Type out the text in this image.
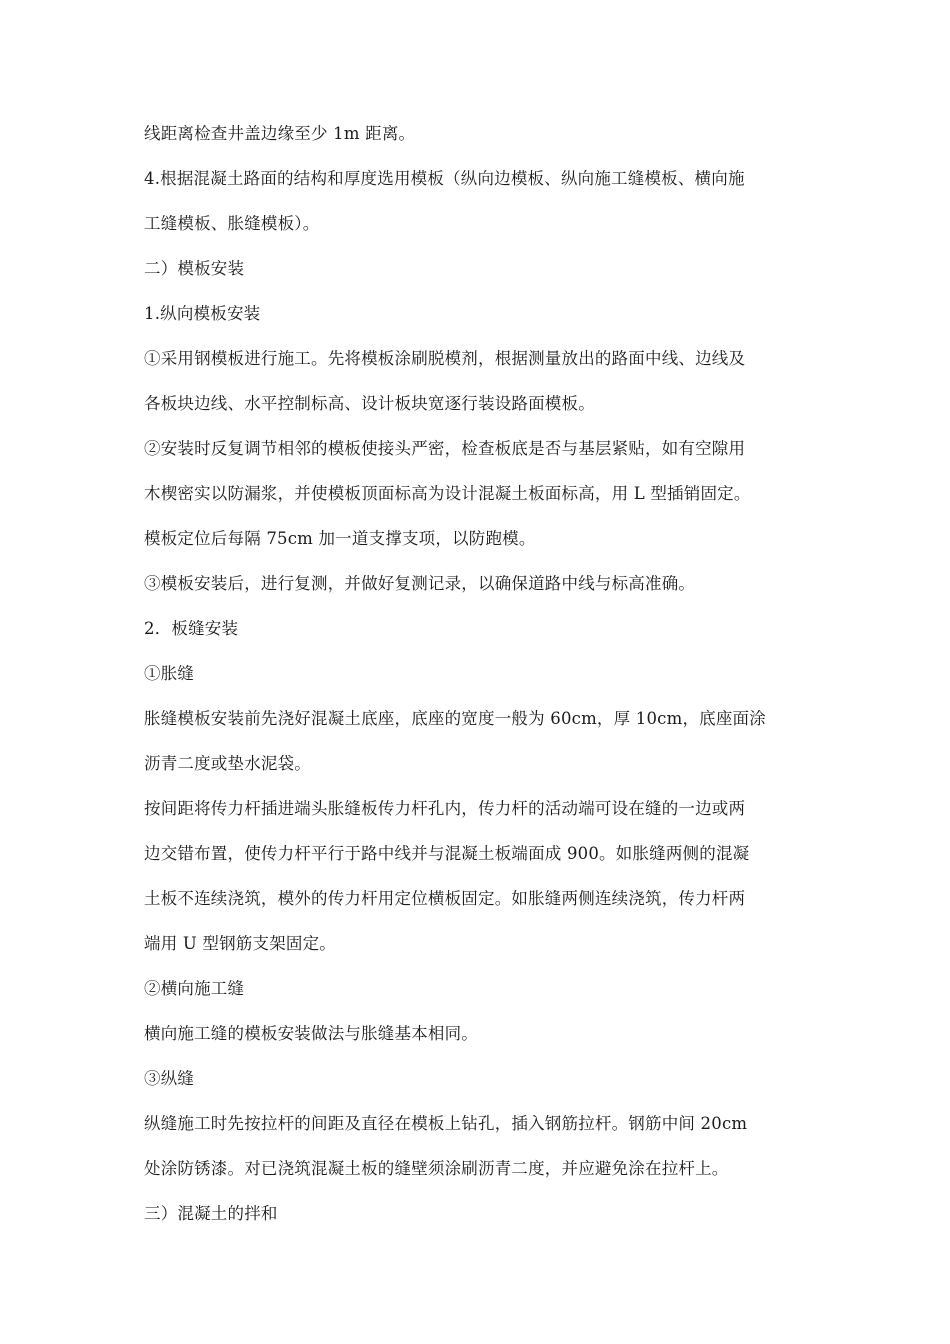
线距离检查井盖边缘至少 1m 距离。
4.根据混凝土路面的结构和厚度选用模板（纵向边模板、纵向施工缝模板、横向施
工缝模板、胀缝模板）。
二）模板安装
1.纵向模板安装
①采用钢模板进行施工。先将模板涂刷脱模剂，根据测量放出的路面中线、边线及
各板块边线、水平控制标高、设计板块宽逐行装设路面模板。
②安装时反复调节相邻的模板使接头严密，检查板底是否与基层紧贴，如有空隙用
木楔密实以防漏浆，并使模板顶面标高为设计混凝土板面标高，用 L 型插销固定。
模板定位后每隔 75cm 加一道支撑支项，以防跑模。
③模板安装后，进行复测，并做好复测记录，以确保道路中线与标高准确。
2．板缝安装
①胀缝
胀缝模板安装前先浇好混凝土底座，底座的宽度一般为 60cm，厚 10cm，底座面涂
沥青二度或垫水泥袋。
按间距将传力杆插进端头胀缝板传力杆孔内，传力杆的活动端可设在缝的一边或两
边交错布置，使传力杆平行于路中线并与混凝土板端面成 900。如胀缝两侧的混凝
土板不连续浇筑，模外的传力杆用定位横板固定。如胀缝两侧连续浇筑，传力杆两
端用 U 型钢筋支架固定。
②横向施工缝
横向施工缝的模板安装做法与胀缝基本相同。
③纵缝
纵缝施工时先按拉杆的间距及直径在模板上钻孔，插入钢筋拉杆。钢筋中间 20cm
处涂防锈漆。对已浇筑混凝土板的缝壁须涂刷沥青二度，并应避免涂在拉杆上。
三）混凝土的拌和
